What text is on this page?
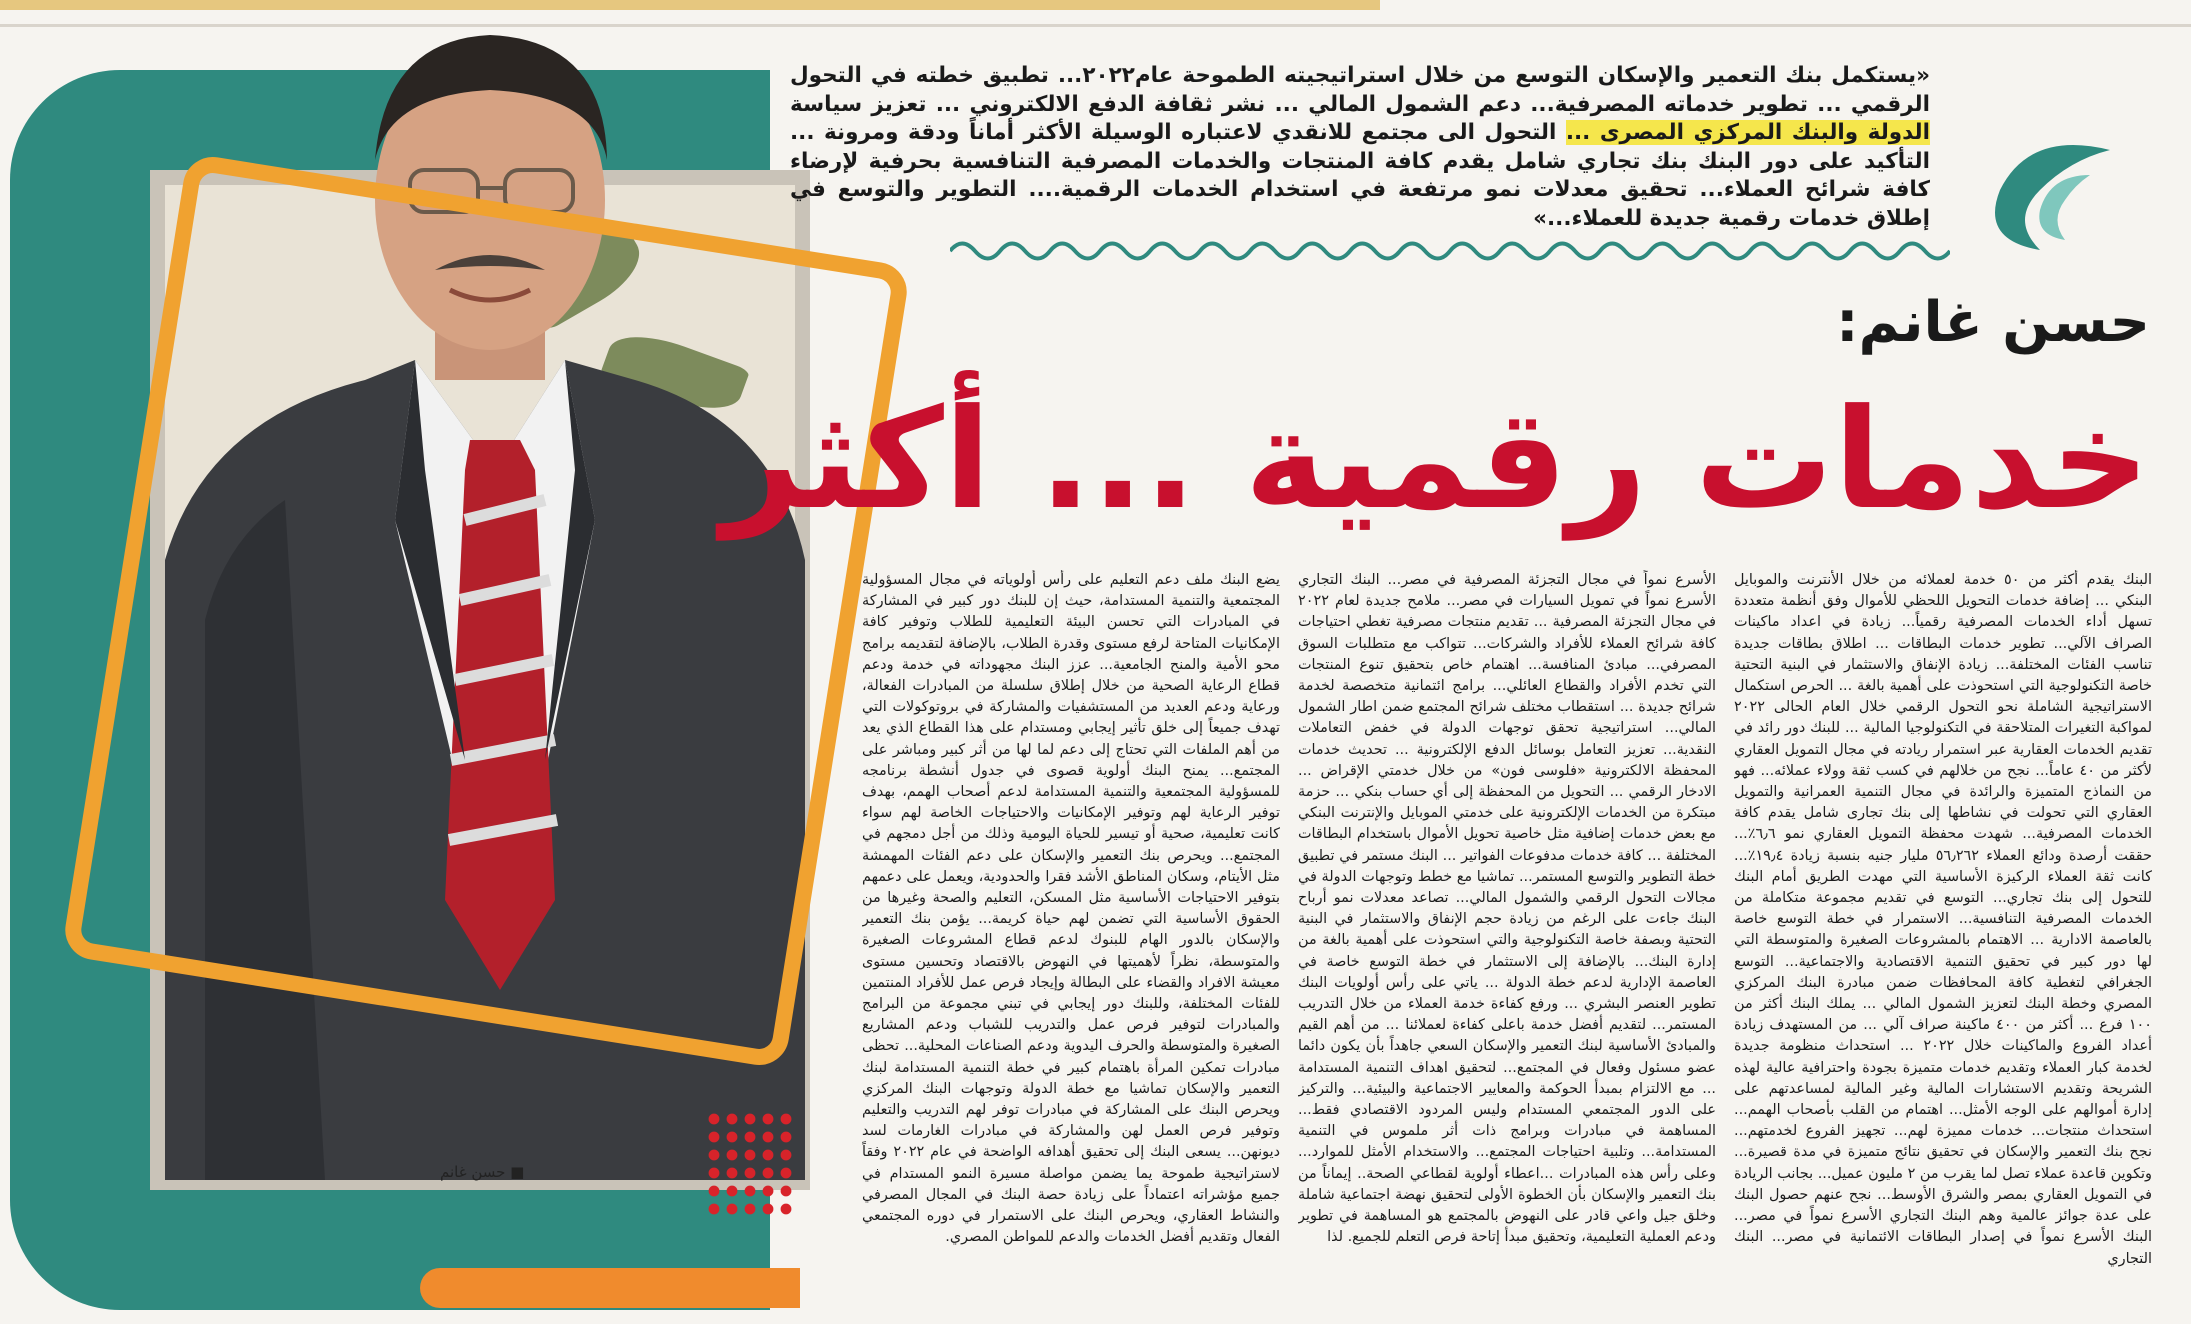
■ حسن غانم
«يستكمل بنك التعمير والإسكان التوسع من خلال استراتيجيته الطموحة عام٢٠٢٢... تطبيق خطته في التحول الرقمي ... تطوير خدماته المصرفية... دعم الشمول المالي ... نشر ثقافة الدفع الالكتروني ... تعزيز سياسة الدولة والبنك المركزي المصرى ... التحول الى مجتمع للانقدي لاعتباره الوسيلة الأكثر أماناً ودقة ومرونة ... التأكيد على دور البنك بنك تجاري شامل يقدم كافة المنتجات والخدمات المصرفية التنافسية بحرفية لإرضاء كافة شرائح العملاء... تحقيق معدلات نمو مرتفعة في استخدام الخدمات الرقمية.... التطوير والتوسع في إطلاق خدمات رقمية جديدة للعملاء...»
حسن غانم:
خدمات رقمية ... أكثر

البنك يقدم أكثر من ٥٠ خدمة لعملائه من خلال الأنترنت والموبايل البنكي ... إضافة خدمات التحويل اللحظي للأموال وفق أنظمة متعددة تسهل أداء الخدمات المصرفية رقمياً... زيادة في اعداد ماكينات الصراف الآلي... تطوير خدمات البطاقات ... اطلاق بطاقات جديدة تناسب الفئات المختلفة... زيادة الإنفاق والاستثمار في البنية التحتية خاصة التكنولوجية التي استحوذت على أهمية بالغة ... الحرص استكمال الاستراتيجية الشاملة نحو التحول الرقمي خلال العام الحالى ٢٠٢٢ لمواكبة التغيرات المتلاحقة في التكنولوجيا المالية ... للبنك دور رائد في تقديم الخدمات العقارية عبر استمرار ريادته في مجال التمويل العقاري لأكثر من ٤٠ عاماً... نجح من خلالهم في كسب ثقة وولاء عملائه... فهو من النماذج المتميزة والرائدة في مجال التنمية العمرانية والتمويل العقاري التي تحولت في نشاطها إلى بنك تجارى شامل يقدم كافة الخدمات المصرفية... شهدت محفظة التمويل العقاري نمو ٦٫٦٪... حققت أرصدة ودائع العملاء ٥٦٫٢٦٢ مليار جنيه بنسبة زيادة ١٩٫٤٪... كانت ثقة العملاء الركيزة الأساسية التي مهدت الطريق أمام البنك للتحول إلى بنك تجاري... التوسع في تقديم مجموعة متكاملة من الخدمات المصرفية التنافسية... الاستمرار في خطة التوسع خاصة بالعاصمة الادارية ... الاهتمام بالمشروعات الصغيرة والمتوسطة التي لها دور كبير في تحقيق التنمية الاقتصادية والاجتماعية... التوسع الجغرافي لتغطية كافة المحافظات ضمن مبادرة البنك المركزي المصري وخطة البنك لتعزيز الشمول المالي ... يملك البنك أكثر من ١٠٠ فرع ... أكثر من ٤٠٠ ماكينة صراف آلي ... من المستهدف زيادة أعداد الفروع والماكينات خلال ٢٠٢٢ ... استحداث منظومة جديدة لخدمة كبار العملاء وتقديم خدمات متميزة بجودة واحترافية عالية لهذه الشريحة وتقديم الاستشارات المالية وغير المالية لمساعدتهم على إدارة أموالهم على الوجه الأمثل... اهتمام من القلب بأصحاب الهمم... استحداث منتجات... خدمات مميزة لهم... تجهيز الفروع لخدمتهم... نجح بنك التعمير والإسكان في تحقيق نتائج متميزة في مدة قصيرة... وتكوين قاعدة عملاء تصل لما يقرب من ٢ مليون عميل... بجانب الريادة في التمويل العقاري بمصر والشرق الأوسط... نجح عنهم حصول البنك على عدة جوائز عالمية وهم البنك التجاري الأسرع نمواً في مصر... البنك الأسرع نمواً في إصدار البطاقات الائتمانية في مصر... البنك التجاري

الأسرع نمواً في مجال التجزئة المصرفية في مصر... البنك التجاري الأسرع نمواً في تمويل السيارات في مصر... ملامح جديدة لعام ٢٠٢٢ في مجال التجزئة المصرفية ... تقديم منتجات مصرفية تغطي احتياجات كافة شرائح العملاء للأفراد والشركات... تتواكب مع متطلبات السوق المصرفي... مبادئ المنافسة... اهتمام خاص بتحقيق تنوع المنتجات التي تخدم الأفراد والقطاع العائلي... برامج ائتمانية متخصصة لخدمة شرائح جديدة ... استقطاب مختلف شرائح المجتمع ضمن اطار الشمول المالي... استراتيجية تحقق توجهات الدولة في خفض التعاملات النقدية... تعزيز التعامل بوسائل الدفع الإلكترونية ... تحديث خدمات المحفظة الالكترونية «فلوسى فون» من خلال خدمتي الإقراض ... الادخار الرقمي ... التحويل من المحفظة إلى أي حساب بنكي ... حزمة مبتكرة من الخدمات الإلكترونية على خدمتي الموبايل والإنترنت البنكي مع بعض خدمات إضافية مثل خاصية تحويل الأموال باستخدام البطاقات المختلفة ... كافة خدمات مدفوعات الفواتير ... البنك مستمر في تطبيق خطة التطوير والتوسع المستمر... تماشيا مع خطط وتوجهات الدولة في مجالات التحول الرقمي والشمول المالي... تصاعد معدلات نمو أرباح البنك جاءت على الرغم من زيادة حجم الإنفاق والاستثمار في البنية التحتية وبصفة خاصة التكنولوجية والتي استحوذت على أهمية بالغة من إدارة البنك... بالإضافة إلى الاستثمار في خطة التوسع خاصة في العاصمة الإدارية لدعم خطة الدولة ... ياتي على رأس أولويات البنك تطوير العنصر البشري ... ورفع كفاءة خدمة العملاء من خلال التدريب المستمر... لتقديم أفضل خدمة باعلى كفاءة لعملائنا ... من أهم القيم والمبادئ الأساسية لبنك التعمير والإسكان السعي جاهداً بأن يكون دائما عضو مسئول وفعال في المجتمع... لتحقيق اهداف التنمية المستدامة ... مع الالتزام بمبدأ الحوكمة والمعايير الاجتماعية والبيئية... والتركيز على الدور المجتمعي المستدام وليس المردود الاقتصادي فقط... المساهمة في مبادرات وبرامج ذات أثر ملموس في التنمية المستدامة... وتلبية احتياجات المجتمع... والاستخدام الأمثل للموارد... وعلى رأس هذه المبادرات ...اعطاء أولوية لقطاعي الصحة.. إيماناً من بنك التعمير والإسكان بأن الخطوة الأولى لتحقيق نهضة اجتماعية شاملة وخلق جيل واعي قادر على النهوض بالمجتمع هو المساهمة في تطوير ودعم العملية التعليمية، وتحقيق مبدأ إتاحة فرص التعلم للجميع. لذا

يضع البنك ملف دعم التعليم على رأس أولوياته في مجال المسؤولية المجتمعية والتنمية المستدامة، حيث إن للبنك دور كبير في المشاركة في المبادرات التي تحسن البيئة التعليمية للطلاب وتوفير كافة الإمكانيات المتاحة لرفع مستوى وقدرة الطلاب، بالإضافة لتقديمه برامج محو الأمية والمنح الجامعية... عزز البنك مجهوداته في خدمة ودعم قطاع الرعاية الصحية من خلال إطلاق سلسلة من المبادرات الفعالة، ورعاية ودعم العديد من المستشفيات والمشاركة في بروتوكولات التي تهدف جميعاً إلى خلق تأثير إيجابي ومستدام على هذا القطاع الذي يعد من أهم الملفات التي تحتاج إلى دعم لما لها من أثر كبير ومباشر على المجتمع... يمنح البنك أولوية قصوى في جدول أنشطة برنامجه للمسؤولية المجتمعية والتنمية المستدامة لدعم أصحاب الهمم، بهدف توفير الرعاية لهم وتوفير الإمكانيات والاحتياجات الخاصة لهم سواء كانت تعليمية، صحية أو تيسير للحياة اليومية وذلك من أجل دمجهم في المجتمع... ويحرص بنك التعمير والإسكان على دعم الفئات المهمشة مثل الأيتام، وسكان المناطق الأشد فقرا والحدودية، ويعمل على دعمهم بتوفير الاحتياجات الأساسية مثل المسكن، التعليم والصحة وغيرها من الحقوق الأساسية التي تضمن لهم حياة كريمة... يؤمن بنك التعمير والإسكان بالدور الهام للبنوك لدعم قطاع المشروعات الصغيرة والمتوسطة، نظراً لأهميتها في النهوض بالاقتصاد وتحسين مستوى معيشة الافراد والقضاء على البطالة وإيجاد فرص عمل للأفراد المنتمين للفئات المختلفة، وللبنك دور إيجابي في تبني مجموعة من البرامج والمبادرات لتوفير فرص عمل والتدريب للشباب ودعم المشاريع الصغيرة والمتوسطة والحرف اليدوية ودعم الصناعات المحلية... تحظى مبادرات تمكين المرأة باهتمام كبير في خطة التنمية المستدامة لبنك التعمير والإسكان تماشيا مع خطة الدولة وتوجهات البنك المركزي ويحرص البنك على المشاركة في مبادرات توفر لهم التدريب والتعليم وتوفير فرص العمل لهن والمشاركة في مبادرات الغارمات لسد ديونهن... يسعى البنك إلى تحقيق أهدافه الواضحة في عام ٢٠٢٢ وفقاً لاستراتيجية طموحة يما يضمن مواصلة مسيرة النمو المستدام في جميع مؤشراته اعتماداً على زيادة حصة البنك في المجال المصرفي والنشاط العقاري، ويحرص البنك على الاستمرار في دوره المجتمعي الفعال وتقديم أفضل الخدمات والدعم للمواطن المصري.
